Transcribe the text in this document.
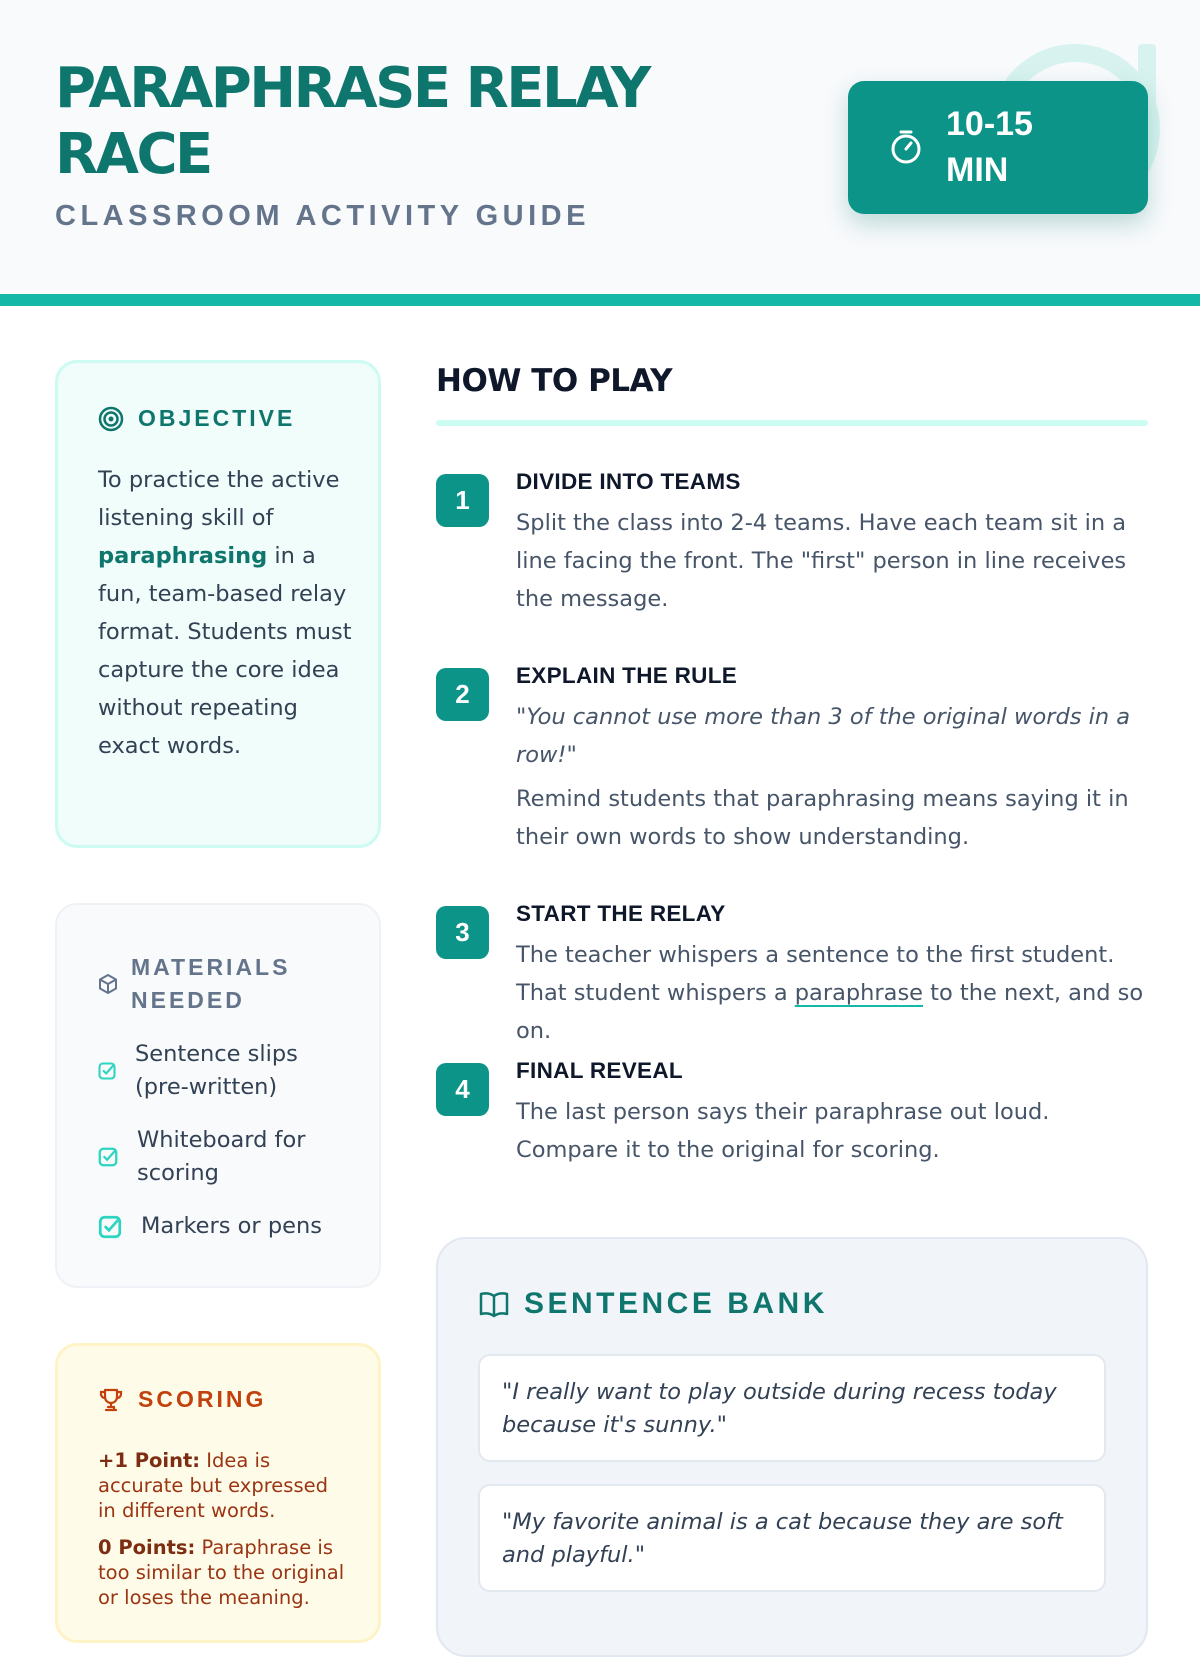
PARAPHRASE RELAY RACE
CLASSROOM ACTIVITY GUIDE
10-15 MIN
OBJECTIVE
To practice the active listening skill of paraphrasing in a fun, team-based relay format. Students must capture the core idea without repeating exact words.
MATERIALS NEEDED
Sentence slips (pre-written)
Whiteboard for scoring
Markers or pens
SCORING

+1 Point: Idea is accurate but expressed in different words.

0 Points: Paraphrase is too similar to the original or loses the meaning.

HOW TO PLAY
1
DIVIDE INTO TEAMS

Split the class into 2-4 teams. Have each team sit in a line facing the front. The "first" person in line receives the message.

2
EXPLAIN THE RULE

"You cannot use more than 3 of the original words in a row!"

Remind students that paraphrasing means saying it in their own words to show understanding.

3
START THE RELAY

The teacher whispers a sentence to the first student. That student whispers a paraphrase to the next, and so on.

4
FINAL REVEAL

The last person says their paraphrase out loud. Compare it to the original for scoring.

SENTENCE BANK
"I really want to play outside during recess today because it's sunny."
"My favorite animal is a cat because they are soft and playful."
